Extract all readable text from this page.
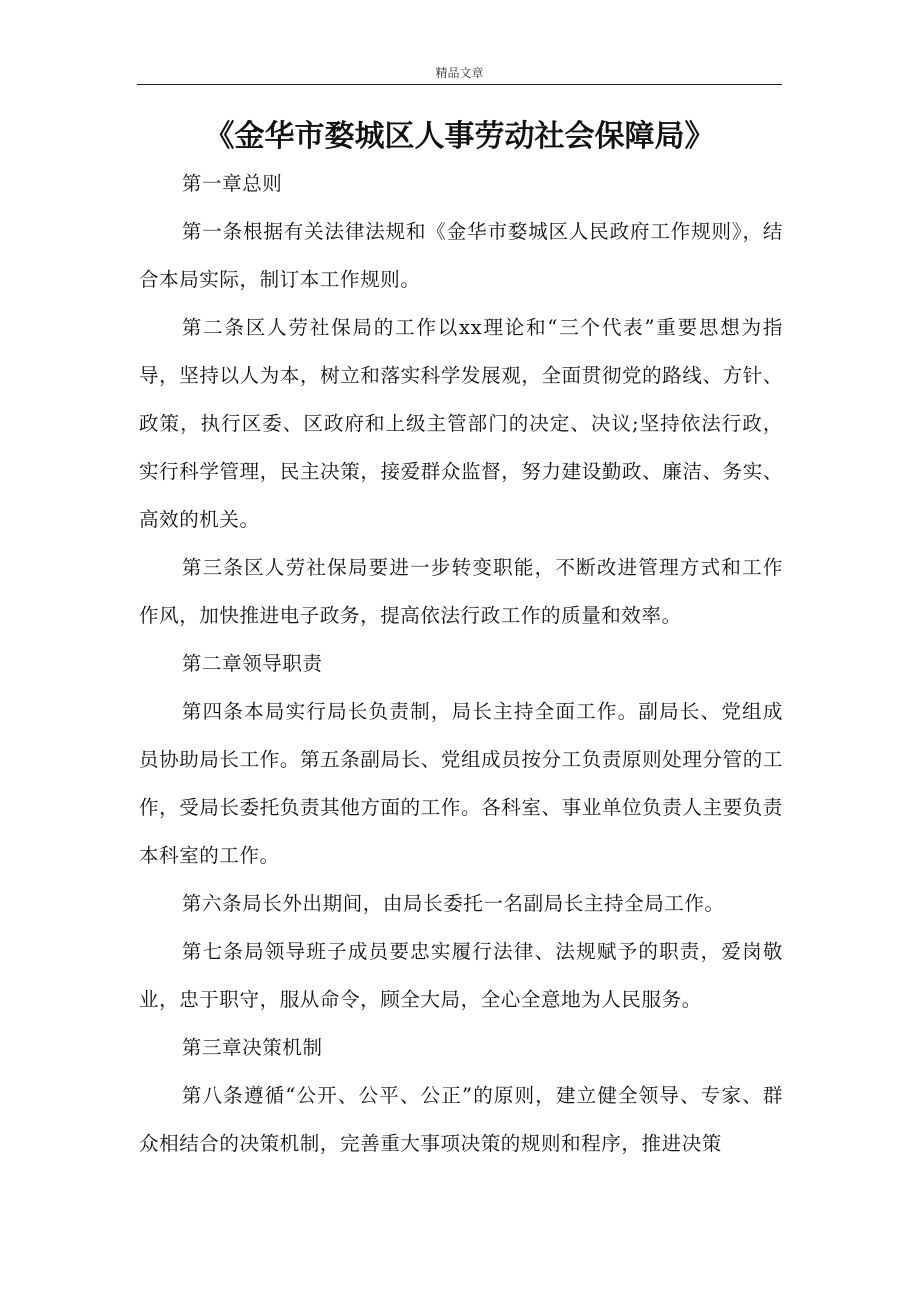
精品文章
《金华市婺城区人事劳动社会保障局》

第一章总则

第一条根据有关法律法规和《金华市婺城区人民政府工作规则》，结合本局实际，制订本工作规则。

第二条区人劳社保局的工作以xx理论和“三个代表”重要思想为指导，坚持以人为本，树立和落实科学发展观，全面贯彻党的路线、方针、政策，执行区委、区政府和上级主管部门的决定、决议;坚持依法行政，实行科学管理，民主决策，接爱群众监督，努力建设勤政、廉洁、务实、高效的机关。

第三条区人劳社保局要进一步转变职能，不断改进管理方式和工作作风，加快推进电子政务，提高依法行政工作的质量和效率。

第二章领导职责

第四条本局实行局长负责制，局长主持全面工作。副局长、党组成员协助局长工作。第五条副局长、党组成员按分工负责原则处理分管的工作，受局长委托负责其他方面的工作。各科室、事业单位负责人主要负责本科室的工作。

第六条局长外出期间，由局长委托一名副局长主持全局工作。

第七条局领导班子成员要忠实履行法律、法规赋予的职责，爱岗敬业，忠于职守，服从命令，顾全大局，全心全意地为人民服务。

第三章决策机制

第八条遵循“公开、公平、公正”的原则，建立健全领导、专家、群众相结合的决策机制，完善重大事项决策的规则和程序，推进决策
